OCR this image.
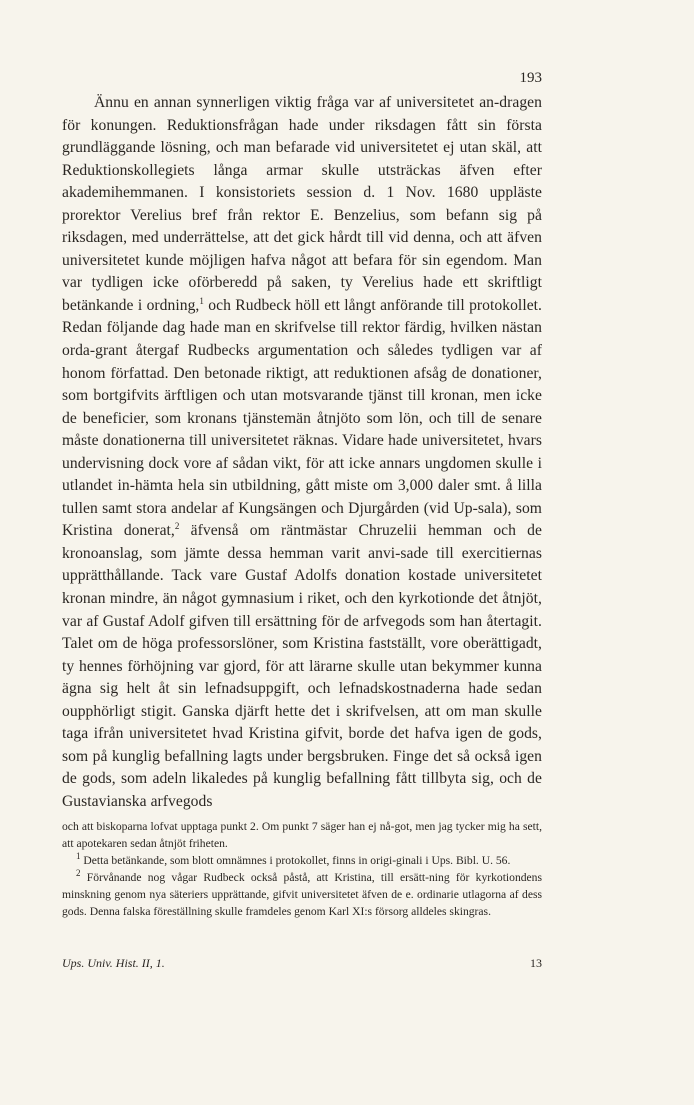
193

Ännu en annan synnerligen viktig fråga var af universitetet an-dragen för konungen. Reduktionsfrågan hade under riksdagen fått sin första grundläggande lösning, och man befarade vid universitetet ej utan skäl, att Reduktionskollegiets långa armar skulle utsträckas äfven efter akademihemmanen. I konsistoriets session d. 1 Nov. 1680 uppläste prorektor Verelius bref från rektor E. Benzelius, som befann sig på riksdagen, med underrättelse, att det gick hårdt till vid denna, och att äfven universitetet kunde möjligen hafva något att befara för sin egendom. Man var tydligen icke oförberedd på saken, ty Verelius hade ett skriftligt betänkande i ordning,$^1$ och Rudbeck höll ett långt anförande till protokollet. Redan följande dag hade man en skrifvelse till rektor färdig, hvilken nästan orda-grant återgaf Rudbecks argumentation och således tydligen var af honom författad. Den betonade riktigt, att reduktionen afsåg de donationer, som bortgifvits ärftligen och utan motsvarande tjänst till kronan, men icke de beneficier, som kronans tjänstemän åtnjöto som lön, och till de senare måste donationerna till universitetet räknas. Vidare hade universitetet, hvars undervisning dock vore af sådan vikt, för att icke annars ungdomen skulle i utlandet in-hämta hela sin utbildning, gått miste om 3,000 daler smt. å lilla tullen samt stora andelar af Kungsängen och Djurgården (vid Up-sala), som Kristina donerat,$^2$ äfvenså om räntmästar Chruzelii hemman och de kronoanslag, som jämte dessa hemman varit anvi-sade till exercitiernas upprätthållande. Tack vare Gustaf Adolfs donation kostade universitetet kronan mindre, än något gymnasium i riket, och den kyrkotionde det åtnjöt, var af Gustaf Adolf gifven till ersättning för de arfvegods som han återtagit. Talet om de höga professorslöner, som Kristina fastställt, vore oberättigadt, ty hennes förhöjning var gjord, för att lärarne skulle utan bekymmer kunna ägna sig helt åt sin lefnadsuppgift, och lefnadskostnaderna hade sedan oupphörligt stigit. Ganska djärft hette det i skrifvelsen, att om man skulle taga ifrån universitetet hvad Kristina gifvit, borde det hafva igen de gods, som på kunglig befallning lagts under bergsbruken. Finge det så också igen de gods, som adeln likaledes på kunglig befallning fått tillbyta sig, och de Gustavianska arfvegods

och att biskoparna lofvat upptaga punkt 2. Om punkt 7 säger han ej nå-got, men jag tycker mig ha sett, att apotekaren sedan åtnjöt friheten.

$^1$ Detta betänkande, som blott omnämnes i protokollet, finns in origi-ginali i Ups. Bibl. U. 56.

$^2$ Förvånande nog vågar Rudbeck också påstå, att Kristina, till ersätt-ning för kyrkotiondens minskning genom nya säteriers upprättande, gifvit universitetet äfven de e. ordinarie utlagorna af dess gods. Denna falska föreställning skulle framdeles genom Karl XI:s försorg alldeles skingras.

Ups. Univ. Hist. II, 1.	13
